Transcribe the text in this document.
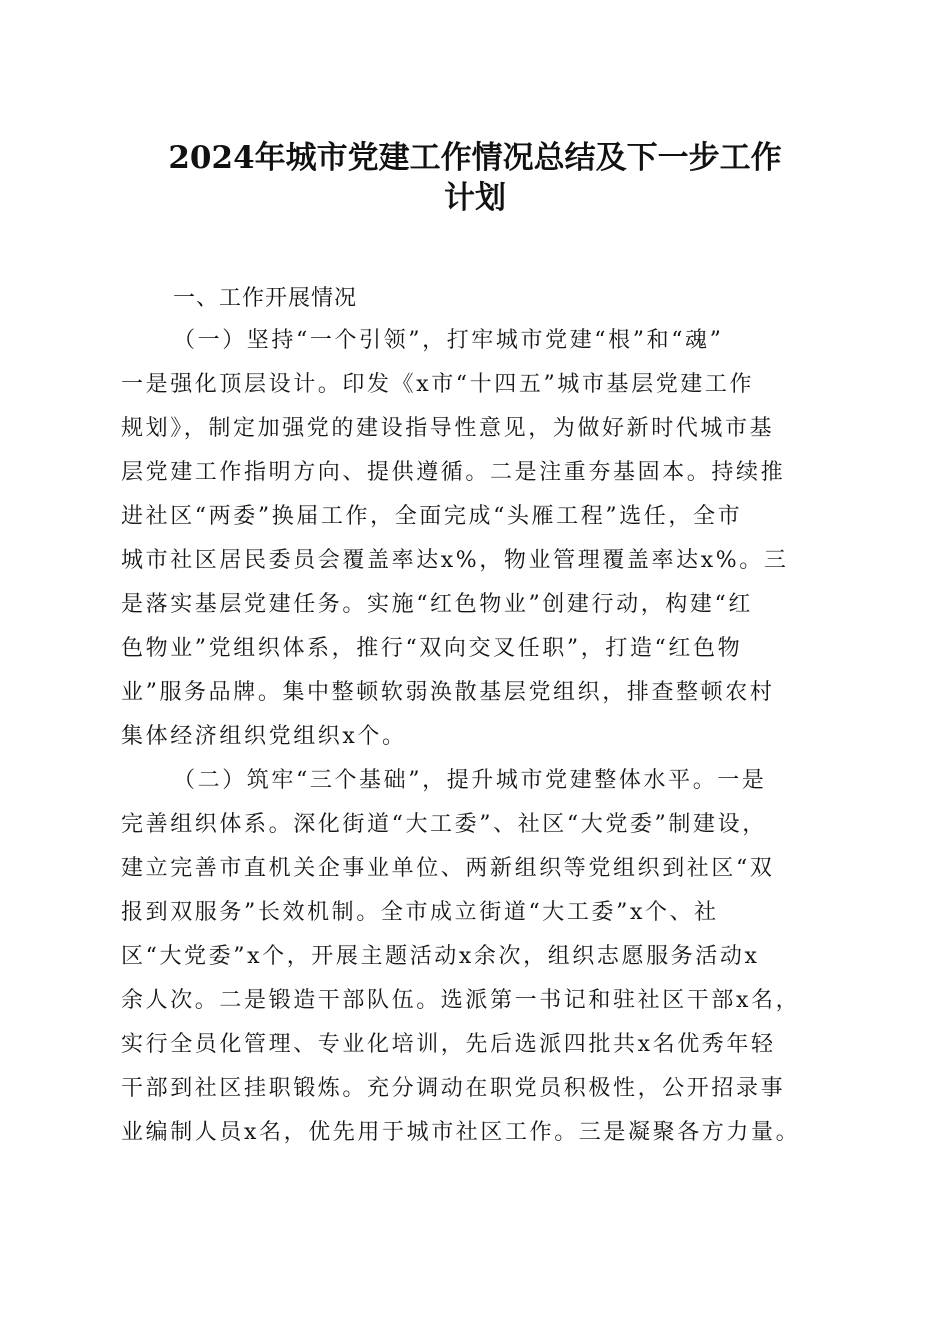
2024年城市党建工作情况总结及下一步工作
计划
一、工作开展情况
（一）坚持“一个引领”，打牢城市党建“根”和“魂”
一是强化顶层设计。印发《x市“十四五”城市基层党建工作
规划》，制定加强党的建设指导性意见，为做好新时代城市基
层党建工作指明方向、提供遵循。二是注重夯基固本。持续推
进社区“两委”换届工作，全面完成“头雁工程”选任，全市
城市社区居民委员会覆盖率达x%，物业管理覆盖率达x%。三
是落实基层党建任务。实施“红色物业”创建行动，构建“红
色物业”党组织体系，推行“双向交叉任职”，打造“红色物
业”服务品牌。集中整顿软弱涣散基层党组织，排查整顿农村
集体经济组织党组织x个。
（二）筑牢“三个基础”，提升城市党建整体水平。一是
完善组织体系。深化街道“大工委”、社区“大党委”制建设，
建立完善市直机关企事业单位、两新组织等党组织到社区“双
报到双服务”长效机制。全市成立街道“大工委”x个、社
区“大党委”x个，开展主题活动x余次，组织志愿服务活动x
余人次。二是锻造干部队伍。选派第一书记和驻社区干部x名，
实行全员化管理、专业化培训，先后选派四批共x名优秀年轻
干部到社区挂职锻炼。充分调动在职党员积极性，公开招录事
业编制人员x名，优先用于城市社区工作。三是凝聚各方力量。
